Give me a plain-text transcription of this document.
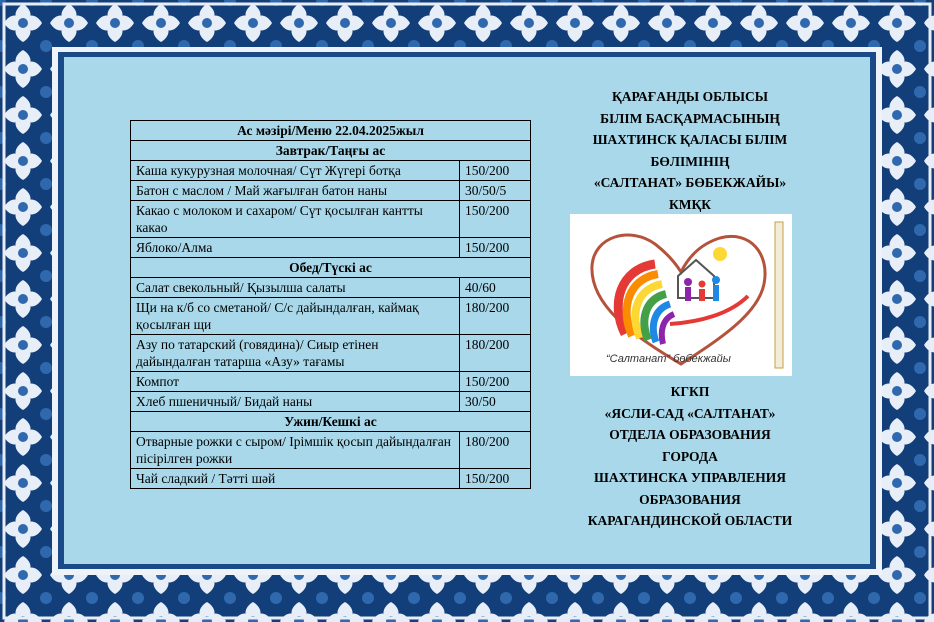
Ас мәзірі/Меню 22.04.2025жыл	
Завтрак/Таңғы ас	
Каша кукурузная молочная/ Сүт Жүгері ботқа	150/200
Батон с маслом / Май жағылған батон наны	30/50/5
Какао с молоком и сахаром/ Сүт қосылған кантты какао	150/200
Яблоко/Алма	150/200
Обед/Түскі ас	
Салат свекольный/ Қызылша салаты	40/60
Щи на к/б со сметаной/ С/с дайындалған, каймақ қосылған щи	180/200
Азу по татарский (говядина)/ Сиыр етінен дайындалған татарша «Азу» тағамы	180/200
Компот	150/200
Хлеб пшеничный/ Бидай наны	30/50
Ужин/Кешкі ас	
Отварные рожки с сыром/ Ірімшік қосып дайындалған пісірілген рожки	180/200
Чай сладкий / Тәтті шәй	150/200
ҚАРАҒАНДЫ ОБЛЫСЫ
БІЛІМ БАСҚАРМАСЫНЫҢ
ШАХТИНСК ҚАЛАСЫ БІЛІМ
БӨЛІМІНІҢ
«САЛТАНАТ» БӨБЕКЖАЙЫ»
КМҚК
“Салтанат” бөбекжайы
КГКП
«ЯСЛИ-САД «САЛТАНАТ»
ОТДЕЛА ОБРАЗОВАНИЯ
ГОРОДА
ШАХТИНСКА УПРАВЛЕНИЯ
ОБРАЗОВАНИЯ
КАРАГАНДИНСКОЙ ОБЛАСТИ
